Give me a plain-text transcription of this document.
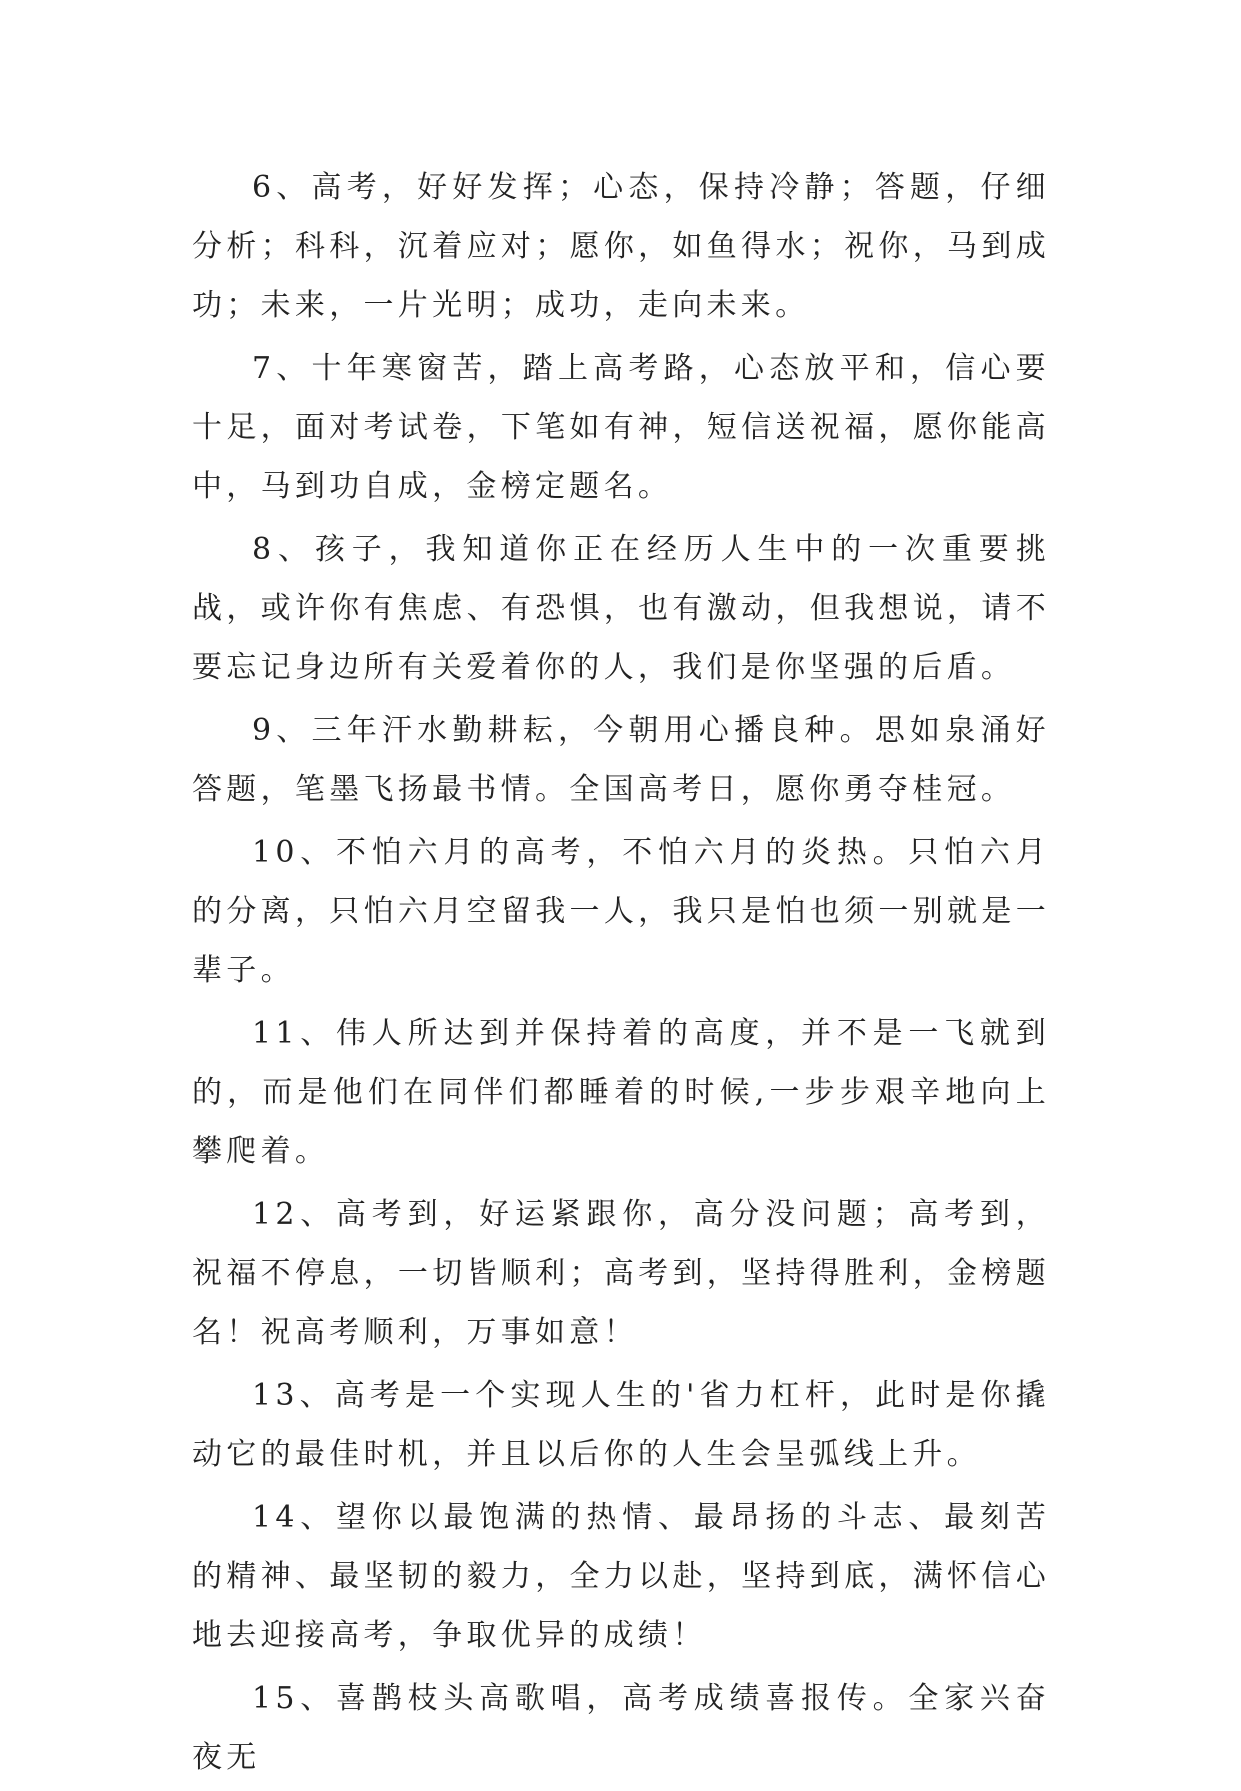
6、高考，好好发挥；心态，保持冷静；答题，仔细分析；科科，沉着应对；愿你，如鱼得水；祝你，马到成功；未来，一片光明；成功，走向未来。

7、十年寒窗苦，踏上高考路，心态放平和，信心要十足，面对考试卷，下笔如有神，短信送祝福，愿你能高中，马到功自成，金榜定题名。

8、孩子，我知道你正在经历人生中的一次重要挑战，或许你有焦虑、有恐惧，也有激动，但我想说，请不要忘记身边所有关爱着你的人，我们是你坚强的后盾。

9、三年汗水勤耕耘，今朝用心播良种。思如泉涌好答题，笔墨飞扬最书情。全国高考日，愿你勇夺桂冠。

10、不怕六月的高考，不怕六月的炎热。只怕六月的分离，只怕六月空留我一人，我只是怕也须一别就是一辈子。

11、伟人所达到并保持着的高度，并不是一飞就到的，而是他们在同伴们都睡着的时候,一步步艰辛地向上攀爬着。

12、高考到，好运紧跟你，高分没问题；高考到，祝福不停息，一切皆顺利；高考到，坚持得胜利，金榜题名！祝高考顺利，万事如意！

13、高考是一个实现人生的'省力杠杆，此时是你撬动它的最佳时机，并且以后你的人生会呈弧线上升。

14、望你以最饱满的热情、最昂扬的斗志、最刻苦的精神、最坚韧的毅力，全力以赴，坚持到底，满怀信心地去迎接高考，争取优异的成绩！

15、喜鹊枝头高歌唱，高考成绩喜报传。全家兴奋夜无
